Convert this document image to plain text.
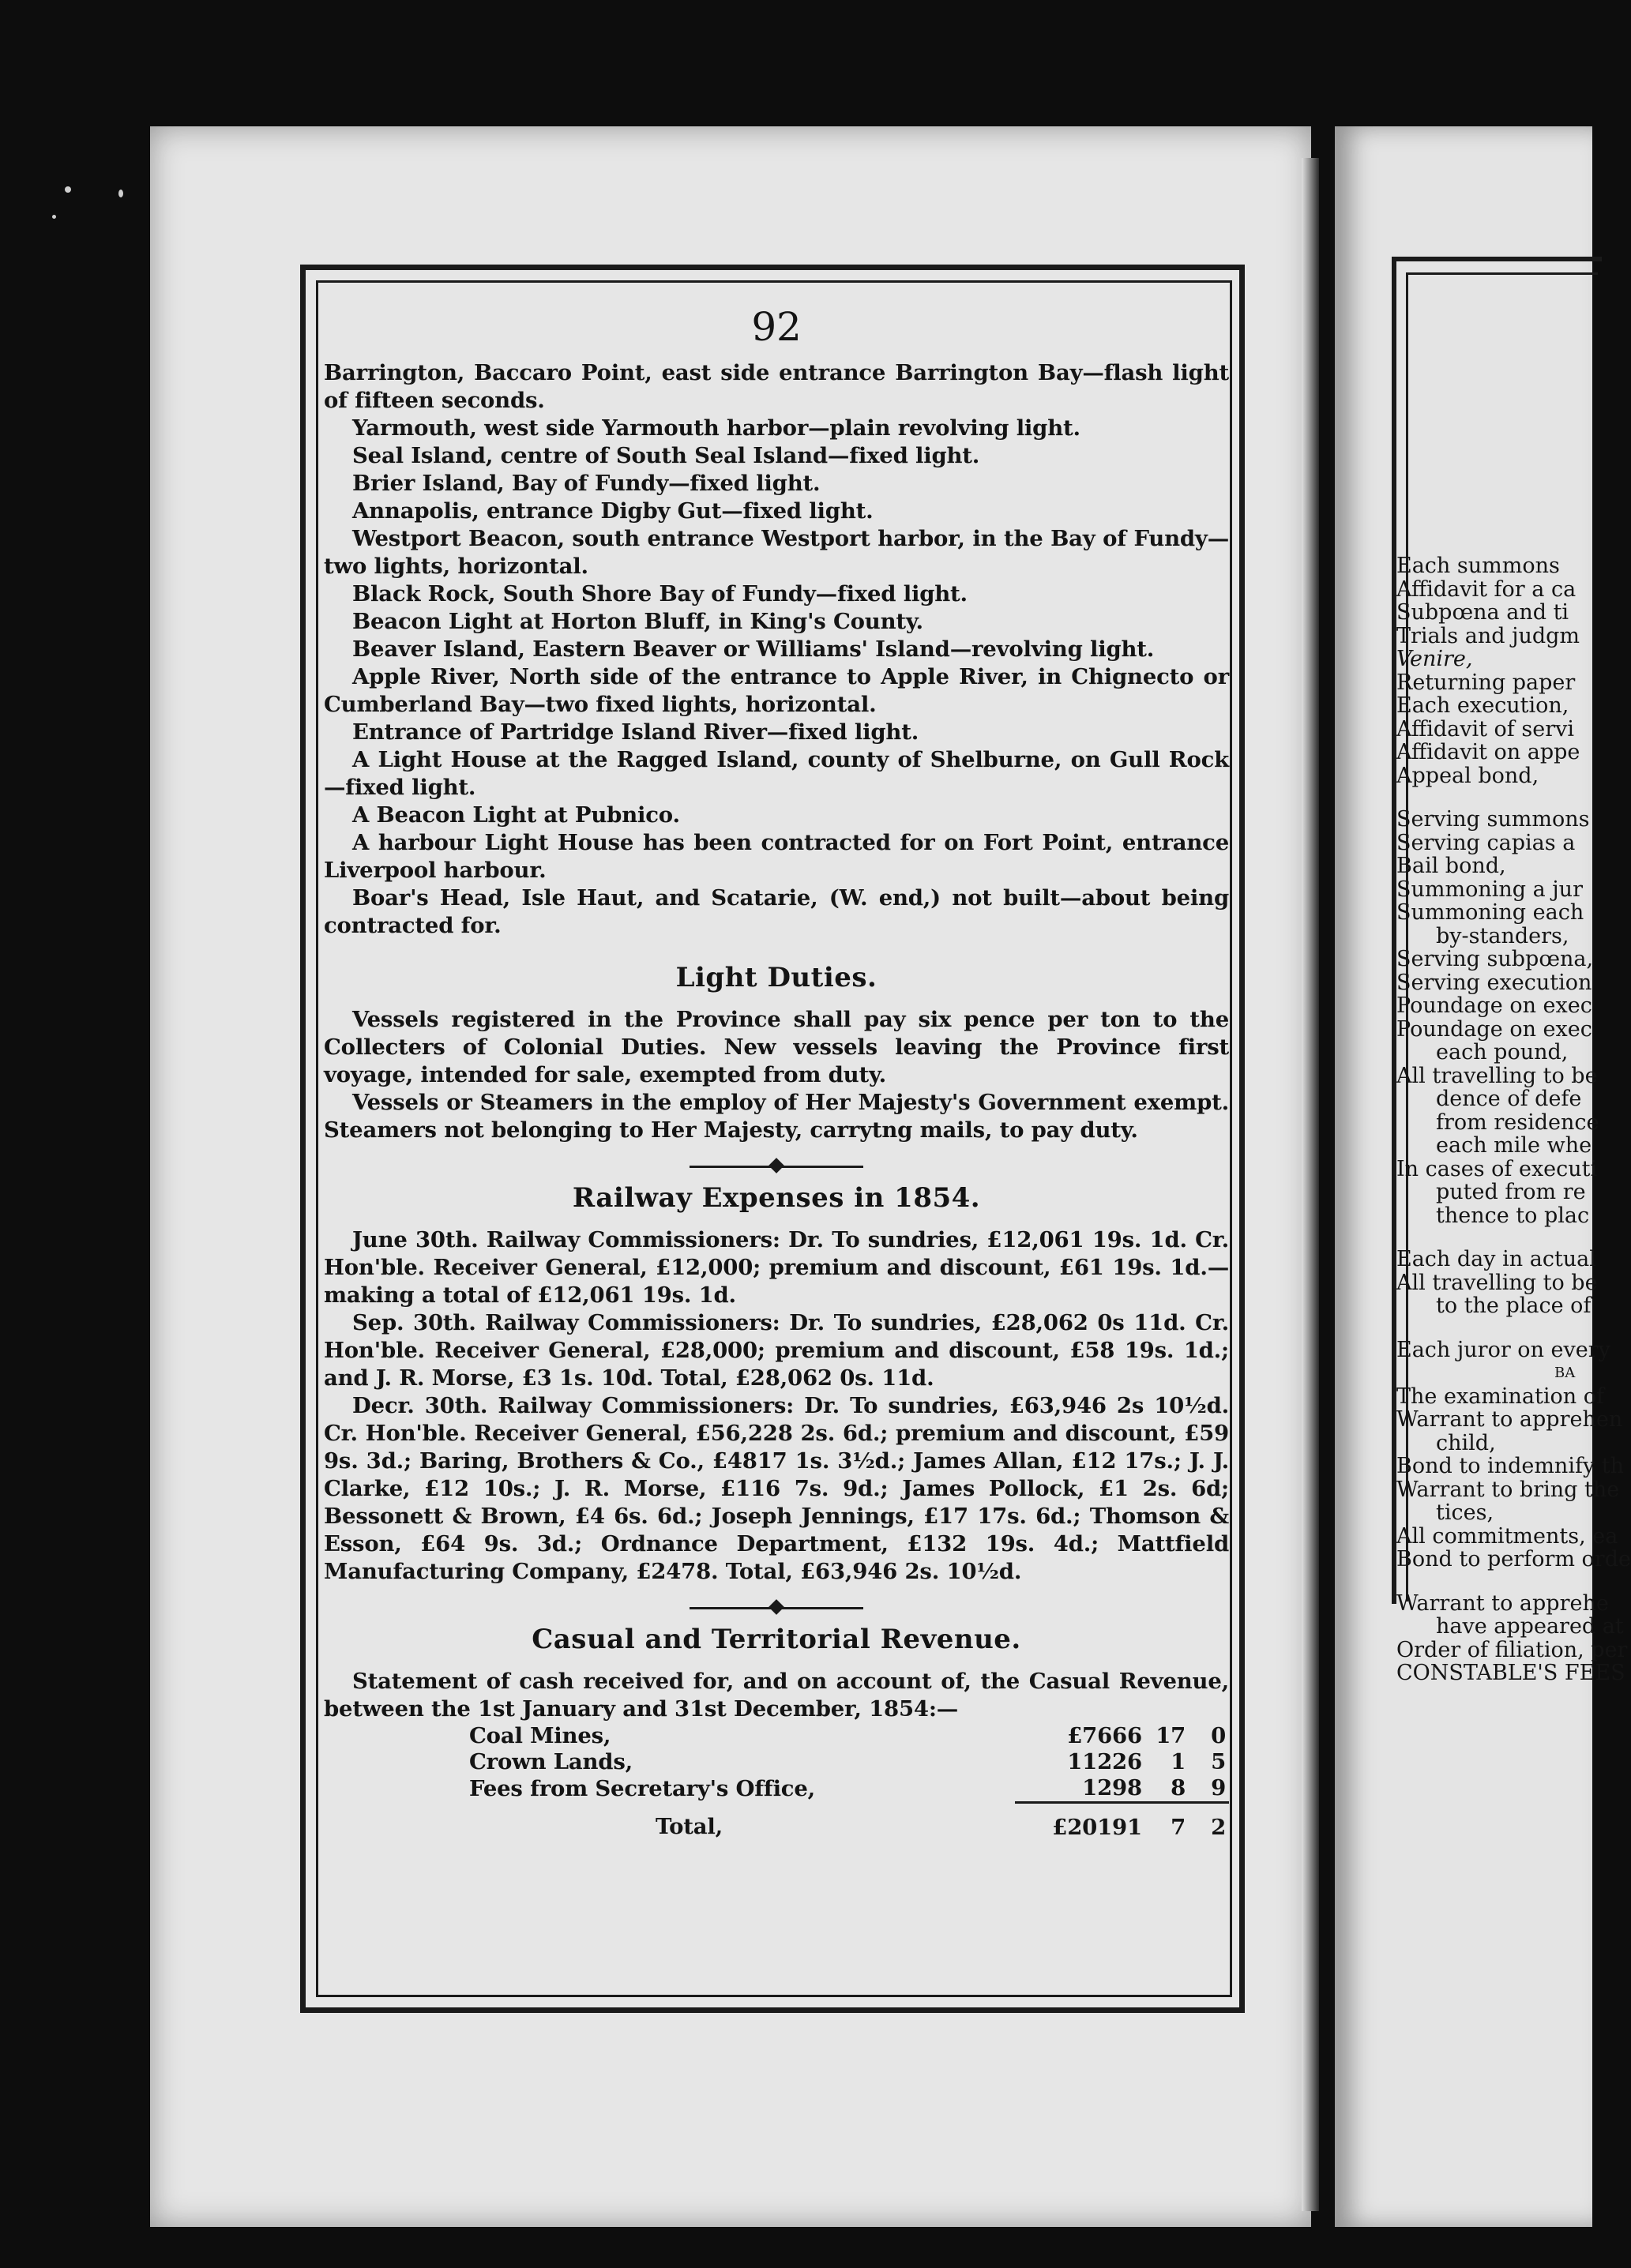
92

Barrington, Baccaro Point, east side entrance Barrington Bay—flash light of fifteen seconds.

Yarmouth, west side Yarmouth harbor—plain revolving light.

Seal Island, centre of South Seal Island—fixed light.

Brier Island, Bay of Fundy—fixed light.

Annapolis, entrance Digby Gut—fixed light.

Westport Beacon, south entrance Westport harbor, in the Bay of Fundy—two lights, horizontal.

Black Rock, South Shore Bay of Fundy—fixed light.

Beacon Light at Horton Bluff, in King's County.

Beaver Island, Eastern Beaver or Williams' Island—revolving light.

Apple River, North side of the entrance to Apple River, in Chignecto or Cumberland Bay—two fixed lights, horizontal.

Entrance of Partridge Island River—fixed light.

A Light House at the Ragged Island, county of Shelburne, on Gull Rock—fixed light.

A Beacon Light at Pubnico.

A harbour Light House has been contracted for on Fort Point, entrance Liverpool harbour.

Boar's Head, Isle Haut, and Scatarie, (W. end,) not built—about being contracted for.

Light Duties.

Vessels registered in the Province shall pay six pence per ton to the Collecters of Colonial Duties. New vessels leaving the Province first voyage, intended for sale, exempted from duty.

Vessels or Steamers in the employ of Her Majesty's Government exempt. Steamers not belonging to Her Majesty, carrytng mails, to pay duty.

Railway Expenses in 1854.

June 30th. Railway Commissioners: Dr. To sundries, £12,061 19s. 1d. Cr. Hon'ble. Receiver General, £12,000; premium and discount, £61 19s. 1d.—making a total of £12,061 19s. 1d.

Sep. 30th. Railway Commissioners: Dr. To sundries, £28,062 0s 11d. Cr. Hon'ble. Receiver General, £28,000; premium and discount, £58 19s. 1d.; and J. R. Morse, £3 1s. 10d. Total, £28,062 0s. 11d.

Decr. 30th. Railway Commissioners: Dr. To sundries, £63,946 2s 10½d. Cr. Hon'ble. Receiver General, £56,228 2s. 6d.; premium and discount, £59 9s. 3d.; Baring, Brothers & Co., £4817 1s. 3½d.; James Allan, £12 17s.; J. J. Clarke, £12 10s.; J. R. Morse, £116 7s. 9d.; James Pollock, £1 2s. 6d; Bessonett & Brown, £4 6s. 6d.; Joseph Jennings, £17 17s. 6d.; Thomson & Esson, £64 9s. 3d.; Ordnance Department, £132 19s. 4d.; Mattfield Manufacturing Company, £2478. Total, £63,946 2s. 10½d.

Casual and Territorial Revenue.

Statement of cash received for, and on account of, the Casual Revenue, between the 1st January and 31st December, 1854:—

Coal Mines,	£7666	17	0
Crown Lands,	11226	1	5
Fees from Secretary's Office,	1298	8	9
Total,	£20191	7	2
Each summons
Affidavit for a ca
Subpœna and ti
Trials and judgm
Venire,
Returning paper
Each execution,
Affidavit of servi
Affidavit on appe
Appeal bond,
Serving summons
Serving capias a
Bail bond,
Summoning a jur
Summoning each
by-standers,
Serving subpœna,
Serving execution
Poundage on exec
Poundage on exec
each pound,
All travelling to be
dence of defe
from residence
each mile whe
In cases of executi
puted from re
thence to plac
Each day in actual
All travelling to be
to the place of
Each juror on every
BA
The examination of
Warrant to apprehen
child,
Bond to indemnify th
Warrant to bring the
tices,
All commitments, ea
Bond to perform orde
Warrant to apprehe
have appeared at
Order of filiation, per
CONSTABLE'S FEES
